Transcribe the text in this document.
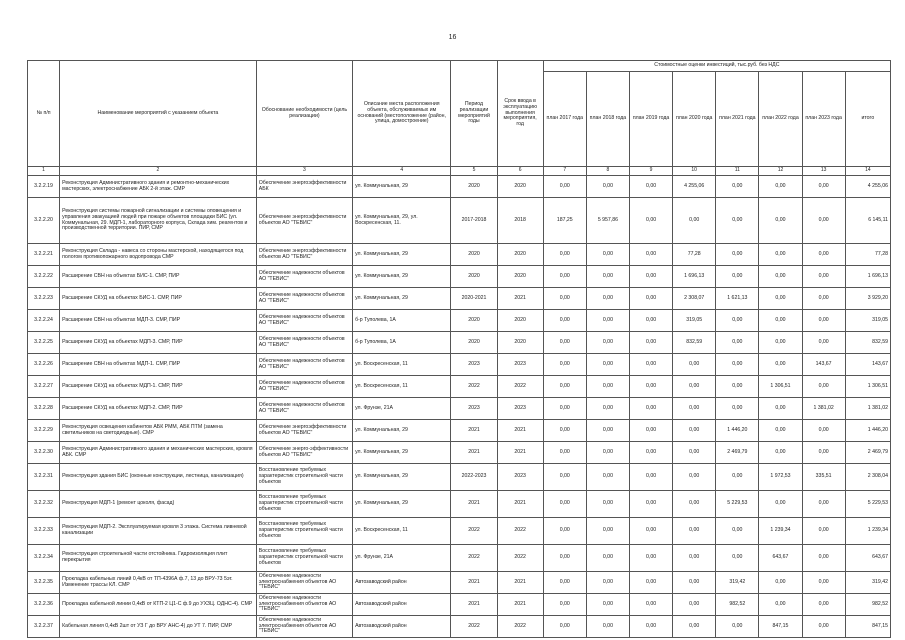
16
№ п/п	Наименование мероприятий с указанием объекта	Обоснование необходимости (цель реализации)	Описание места расположения объекта, обслуживаемых им оснований (местоположение (район, улица, домостроение)	Период реализации мероприятий годы	Срок ввода в эксплуатацию выполнения мероприятия, год	Стоимостные оценки инвестиций, тыс.руб. без НДС							
						план 2017 года	план 2018 года	план 2019 года	план 2020 года	план 2021 года	план 2022 года	план 2023 года	итого
1	2	3	4	5	6	7	8	9	10	11	12	13	14
3.2.2.19	Реконструкция Административного здания и ремонтно-механических мастерских, электроснабжение АБК 2-й этаж. СМР	Обеспечение энергоэффективности АБК	ул. Коммунальная, 29	2020	2020	0,00	0,00	0,00	4 255,06	0,00	0,00	0,00	4 255,06
3.2.2.20	Реконструкция системы пожарной сигнализации и системы оповещения и управления эвакуацией людей при пожаре объектов площадки БИС (ул. Коммунальная, 29. МДП-1, лабораторного корпуса, Склада хим. реагентов и производственной территории. ПИР, СМР	Обеспечение энергоэффективности объектов АО "ТЕВИС"	ул. Коммунальная, 29, ул. Воскресенская, 11.	2017-2018	2018	187,25	5 957,86	0,00	0,00	0,00	0,00	0,00	6 145,11
3.2.2.21	Реконструкция Склада - навеса со стороны мастерской, находящегося под пологом противопожарного водопровода СМР	Обеспечение энергоэффективности объектов АО "ТЕВИС"	ул. Коммунальная, 29	2020	2020	0,00	0,00	0,00	77,28	0,00	0,00	0,00	77,28
3.2.2.22	Расширение СВН на объектах БИС-1. СМР, ПИР	Обеспечение надежности объектов АО "ТЕВИС"	ул. Коммунальная, 29	2020	2020	0,00	0,00	0,00	1 696,13	0,00	0,00	0,00	1 696,13
3.2.2.23	Расширение СКУД на объектах БИС-1. СМР, ПИР	Обеспечение надежности объектов АО "ТЕВИС"	ул. Коммунальная, 29	2020-2021	2021	0,00	0,00	0,00	2 308,07	1 621,13	0,00	0,00	3 929,20
3.2.2.24	Расширение СВН на объектах МДП-3. СМР, ПИР	Обеспечение надежности объектов АО "ТЕВИС"	б-р Туполева, 1А	2020	2020	0,00	0,00	0,00	319,05	0,00	0,00	0,00	319,05
3.2.2.25	Расширение СКУД на объектах МДП-3. СМР, ПИР	Обеспечение надежности объектов АО "ТЕВИС"	б-р Туполева, 1А	2020	2020	0,00	0,00	0,00	832,59	0,00	0,00	0,00	832,59
3.2.2.26	Расширение СВН на объектах МДП-1. СМР, ПИР	Обеспечение надежности объектов АО "ТЕВИС"	ул. Воскресенская, 11	2023	2023	0,00	0,00	0,00	0,00	0,00	0,00	143,67	143,67
3.2.2.27	Расширение СКУД на объектах МДП-1. СМР, ПИР	Обеспечение надежности объектов АО "ТЕВИС"	ул. Воскресенская, 11	2022	2022	0,00	0,00	0,00	0,00	0,00	1 306,51	0,00	1 306,51
3.2.2.28	Расширение СКУД на объектах МДП-2. СМР, ПИР	Обеспечение надежности объектов АО "ТЕВИС"	ул. Фрунзе, 21А	2023	2023	0,00	0,00	0,00	0,00	0,00	0,00	1 381,02	1 381,02
3.2.2.29	Реконструкция освещения кабинетов АБК РММ, АБК ПТМ (замена светильников на светодиодные). СМР	Обеспечение энергоэффективности объектов АО "ТЕВИС"	ул. Коммунальная, 29	2021	2021	0,00	0,00	0,00	0,00	1 446,20	0,00	0,00	1 446,20
3.2.2.30	Реконструкция Административного здания и механических мастерских, кровля АБК. СМР	Обеспечение энерго-эффективности объектов АО "ТЕВИС"	ул. Коммунальная, 29	2021	2021	0,00	0,00	0,00	0,00	2 469,79	0,00	0,00	2 469,79
3.2.2.31	Реконструкция здания БИС (оконные конструкции, лестница, канализация)	Восстановление требуемых характеристик строительной части объектов	ул. Коммунальная, 29	2022-2023	2023	0,00	0,00	0,00	0,00	0,00	1 972,53	335,51	2 308,04
3.2.2.32	Реконструкция МДП-1 (ремонт цоколя, фасад)	Восстановление требуемых характеристик строительной части объектов	ул. Коммунальная, 29	2021	2021	0,00	0,00	0,00	0,00	5 229,53	0,00	0,00	5 229,53
3.2.2.33	Реконструкция МДП-2. Эксплуатируемая кровля 3 этажа. Система ливневой канализации	Восстановление требуемых характеристик строительной части объектов	ул. Воскресенская, 11	2022	2022	0,00	0,00	0,00	0,00	0,00	1 239,34	0,00	1 239,34
3.2.2.34	Реконструкция строительной части отстойника. Гидроизоляция плит перекрытия	Восстановление требуемых характеристик строительной части объектов	ул. Фрунзе, 21А	2022	2022	0,00	0,00	0,00	0,00	0,00	643,67	0,00	643,67
3.2.2.35	Прокладка кабельных линий 0,4кВ от ТП-4396А ф.7, 13 до ВРУ-73 5эт. Изменение трассы КЛ. СМР	Обеспечение надежности электроснабжения объектов АО "ТЕВИС"	Автозаводский район	2021	2021	0,00	0,00	0,00	0,00	319,42	0,00	0,00	319,42
3.2.2.36	Прокладка кабельной линии 0,4кВ от КТП-2 Ц1-С ф.9 до УХЗЦ. ОДНС-4). СМР	Обеспечение надежности электроснабжения объектов АО "ТЕВИС"	Автозаводский район	2021	2021	0,00	0,00	0,00	0,00	982,52	0,00	0,00	982,52
3.2.2.37	Кабельная линия 0,4кВ 2шт от УЗ Г до ВРУ АНС-4) до УТ 7. ПИР, СМР	Обеспечение надежности электроснабжения объектов АО "ТЕВИС"	Автозаводский район	2022	2022	0,00	0,00	0,00	0,00	0,00	847,15	0,00	847,15
